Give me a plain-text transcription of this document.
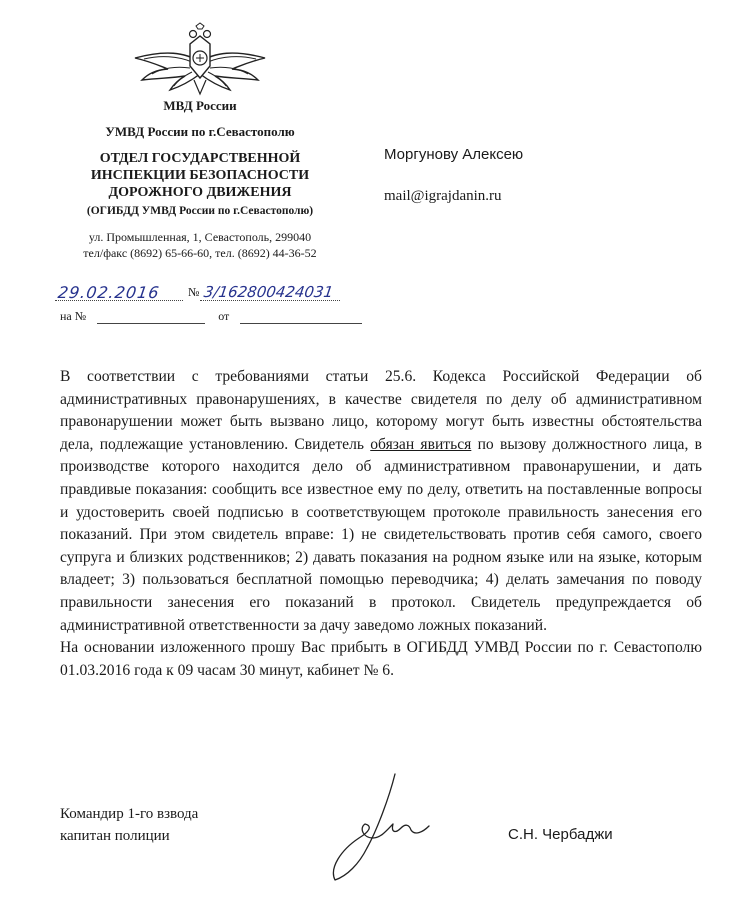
МВД России
УМВД России по г.Севастополю
ОТДЕЛ ГОСУДАРСТВЕННОЙ
ИНСПЕКЦИИ БЕЗОПАСНОСТИ
ДОРОЖНОГО ДВИЖЕНИЯ
(ОГИБДД УМВД России по г.Севастополю)
ул. Промышленная, 1, Севастополь, 299040
тел/факс (8692) 65-66-60, тел. (8692) 44-36-52
Моргунову Алексею
mail@igrajdanin.ru
29.02.2016 № 3/162800424031
на №	от

В соответствии с требованиями статьи 25.6. Кодекса Российской Федерации об административных правонарушениях, в качестве свидетеля по делу об административном правонарушении может быть вызвано лицо, которому могут быть известны обстоятельства дела, подлежащие установлению. Свидетель обязан явиться по вызову должностного лица, в производстве которого находится дело об административном правонарушении, и дать правдивые показания: сообщить все известное ему по делу, ответить на поставленные вопросы и удостоверить своей подписью в соответствующем протоколе правильность занесения его показаний. При этом свидетель вправе: 1) не свидетельствовать против себя самого, своего супруга и близких родственников; 2) давать показания на родном языке или на языке, которым владеет; 3) пользоваться бесплатной помощью переводчика; 4) делать замечания по поводу правильности занесения его показаний в протокол. Свидетель предупреждается об административной ответственности за дачу заведомо ложных показаний.

На основании изложенного прошу Вас прибыть в ОГИБДД УМВД России по г. Севастополю 01.03.2016 года к 09 часам 30 минут, кабинет № 6.

Командир 1-го взвода
капитан полиции	С.Н. Чербаджи
